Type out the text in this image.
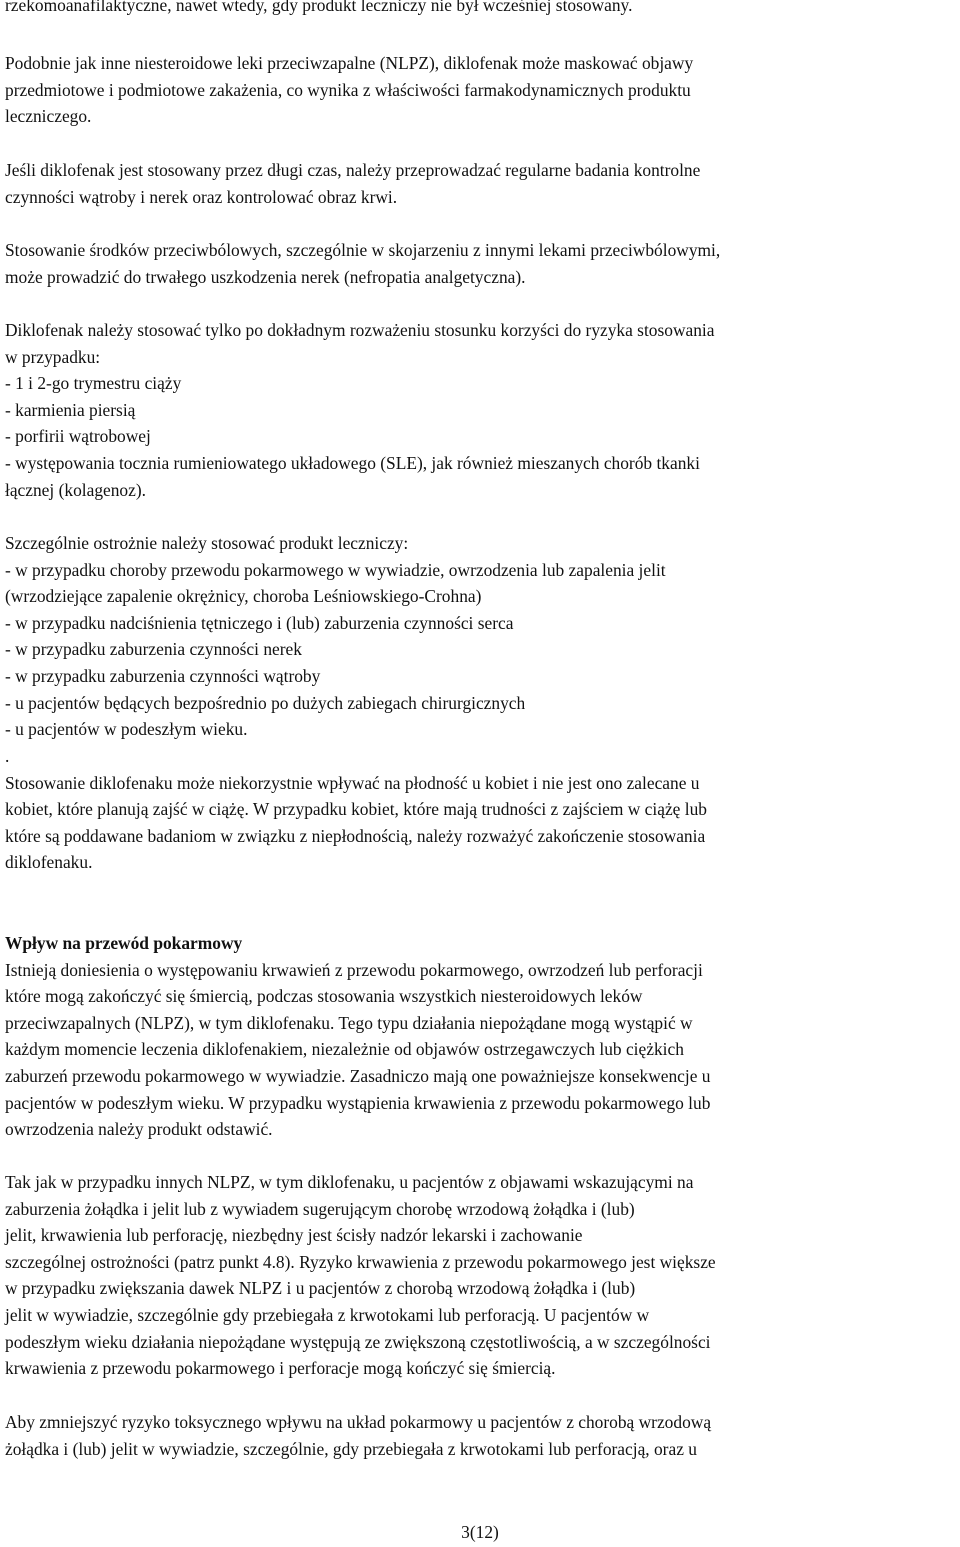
rzekomoanafilaktyczne, nawet wtedy, gdy produkt leczniczy nie był wcześniej stosowany.

Podobnie jak inne niesteroidowe leki przeciwzapalne (NLPZ), diklofenak może maskować objawy
przedmiotowe i podmiotowe zakażenia, co wynika z właściwości farmakodynamicznych produktu
leczniczego.

Jeśli diklofenak jest stosowany przez długi czas, należy przeprowadzać regularne badania kontrolne
czynności wątroby i nerek oraz kontrolować obraz krwi.

Stosowanie środków przeciwbólowych, szczególnie w skojarzeniu z innymi lekami przeciwbólowymi,
może prowadzić do trwałego uszkodzenia nerek (nefropatia analgetyczna).

Diklofenak należy stosować tylko po dokładnym rozważeniu stosunku korzyści do ryzyka stosowania
w przypadku:
- 1 i 2-go trymestru ciąży
- karmienia piersią
- porfirii wątrobowej
- występowania tocznia rumieniowatego układowego (SLE), jak również mieszanych chorób tkanki
łącznej (kolagenoz).

Szczególnie ostrożnie należy stosować produkt leczniczy:
- w przypadku choroby przewodu pokarmowego w wywiadzie, owrzodzenia lub zapalenia jelit
(wrzodziejące zapalenie okrężnicy, choroba Leśniowskiego-Crohna)
- w przypadku nadciśnienia tętniczego i (lub) zaburzenia czynności serca
- w przypadku zaburzenia czynności nerek
- w przypadku zaburzenia czynności wątroby
- u pacjentów będących bezpośrednio po dużych zabiegach chirurgicznych
- u pacjentów w podeszłym wieku.

.
Stosowanie diklofenaku może niekorzystnie wpływać na płodność u kobiet i nie jest ono zalecane u
kobiet, które planują zajść w ciążę. W przypadku kobiet, które mają trudności z zajściem w ciążę lub
które są poddawane badaniom w związku z niepłodnością, należy rozważyć zakończenie stosowania
diklofenaku.

Wpływ na przewód pokarmowy
Istnieją doniesienia o występowaniu krwawień z przewodu pokarmowego, owrzodzeń lub perforacji
które mogą zakończyć się śmiercią, podczas stosowania wszystkich niesteroidowych leków
przeciwzapalnych (NLPZ), w tym diklofenaku. Tego typu działania niepożądane mogą wystąpić w
każdym momencie leczenia diklofenakiem, niezależnie od objawów ostrzegawczych lub ciężkich
zaburzeń przewodu pokarmowego w wywiadzie. Zasadniczo mają one poważniejsze konsekwencje u
pacjentów w podeszłym wieku. W przypadku wystąpienia krwawienia z przewodu pokarmowego lub
owrzodzenia należy produkt odstawić.

Tak jak w przypadku innych NLPZ, w tym diklofenaku, u pacjentów z objawami wskazującymi na
zaburzenia żołądka i jelit lub z wywiadem sugerującym chorobę wrzodową żołądka i (lub)
jelit, krwawienia lub perforację, niezbędny jest ścisły nadzór lekarski i zachowanie
szczególnej ostrożności (patrz punkt 4.8). Ryzyko krwawienia z przewodu pokarmowego jest większe
w przypadku zwiększania dawek NLPZ i u pacjentów z chorobą wrzodową żołądka i (lub)
jelit w wywiadzie, szczególnie gdy przebiegała z krwotokami lub perforacją. U pacjentów w
podeszłym wieku działania niepożądane występują ze zwiększoną częstotliwością, a w szczególności
krwawienia z przewodu pokarmowego i perforacje mogą kończyć się śmiercią.

Aby zmniejszyć ryzyko toksycznego wpływu na układ pokarmowy u pacjentów z chorobą wrzodową
żołądka i (lub) jelit w wywiadzie, szczególnie, gdy przebiegała z krwotokami lub perforacją, oraz u

3(12)
